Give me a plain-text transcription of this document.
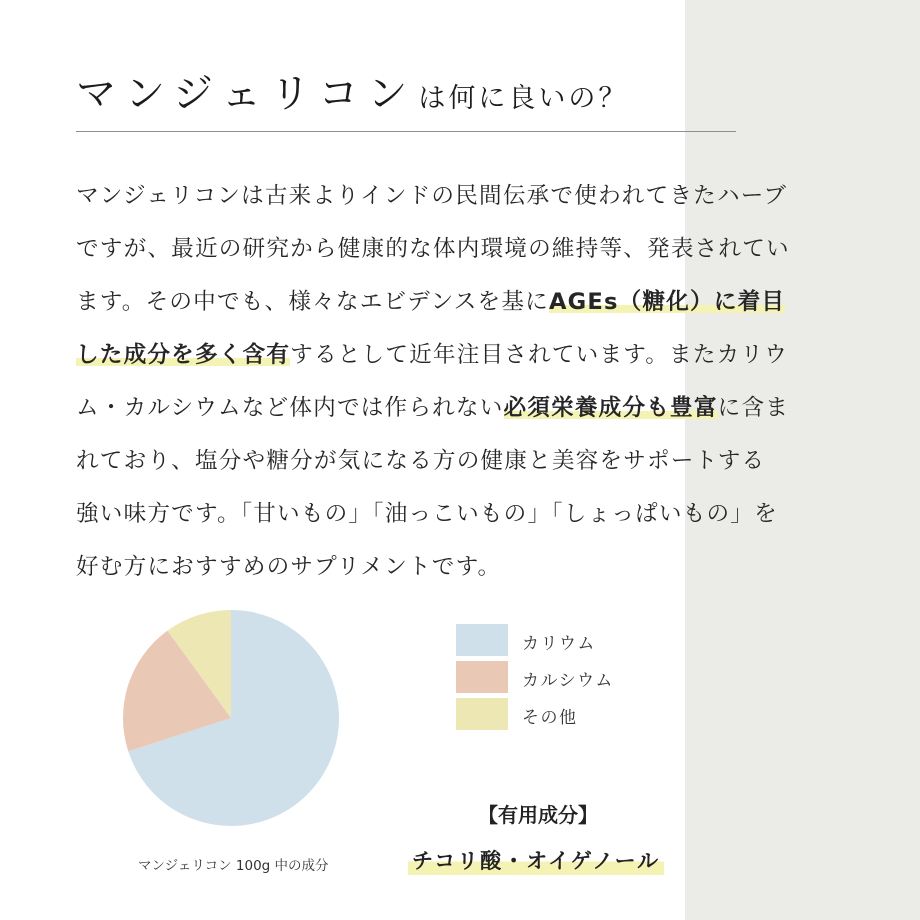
マンジェリコンは何に良いの？
マンジェリコンは古来よりインドの民間伝承で使われてきたハーブ
ですが、最近の研究から健康的な体内環境の維持等、発表されてい
ます。その中でも、様々なエビデンスを基にAGEs（糖化）に着目
した成分を多く含有するとして近年注目されています。またカリウ
ム・カルシウムなど体内では作られない必須栄養成分も豊富に含ま
れており、塩分や糖分が気になる方の健康と美容をサポートする
強い味方です。「甘いもの」「油っこいもの」「しょっぱいもの」を
好む方におすすめのサプリメントです。
マンジェリコン 100g 中の成分
カリウム
カルシウム
その他
【有用成分】
チコリ酸・オイゲノール
